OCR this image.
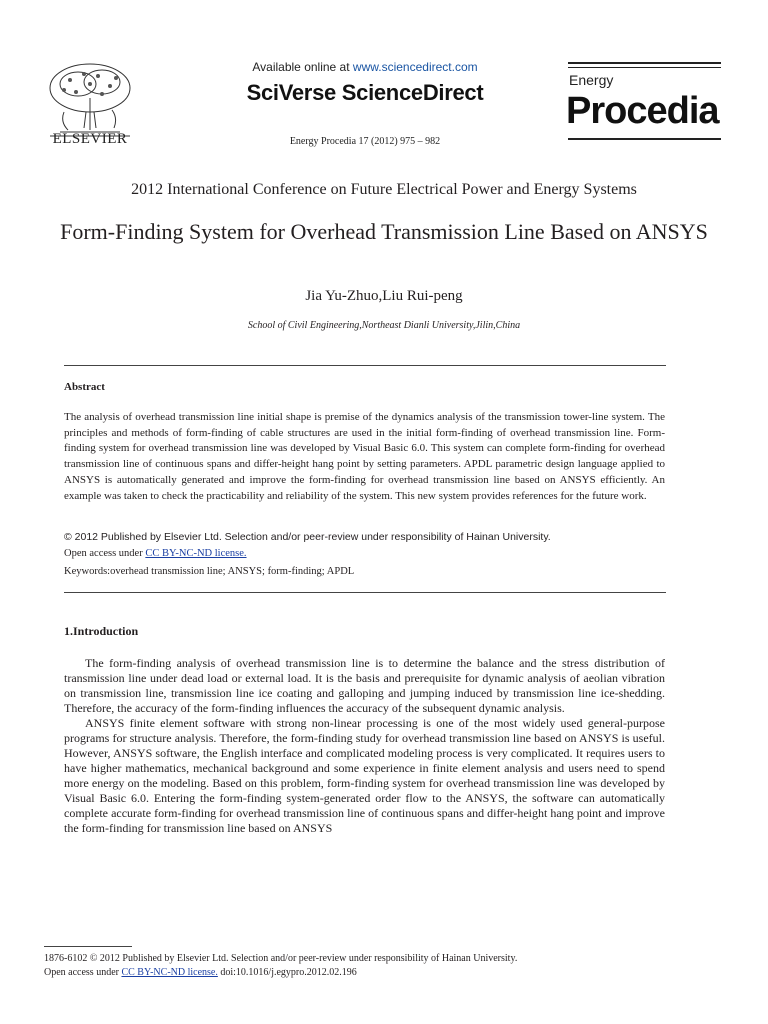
ELSEVIER
Available online at www.sciencedirect.com
SciVerse ScienceDirect
Energy Procedia 17 (2012) 975 – 982
Energy
Procedia
2012 International Conference on Future Electrical Power and Energy Systems
Form-Finding System for Overhead Transmission Line Based on ANSYS
Jia Yu-Zhuo,Liu Rui-peng
School of Civil Engineering,Northeast Dianli University,Jilin,China
Abstract
The analysis of overhead transmission line initial shape is premise of the dynamics analysis of the transmission tower-line system. The principles and methods of form-finding of cable structures are used in the initial form-finding of overhead transmission line. Form-finding system for overhead transmission line was developed by Visual Basic 6.0. This system can complete form-finding for overhead transmission line of continuous spans and differ-height hang point by setting parameters. APDL parametric design language applied to ANSYS is automatically generated and improve the form-finding for overhead transmission line based on ANSYS efficiently. An example was taken to check the practicability and reliability of the system. This new system provides references for the future work.
© 2012 Published by Elsevier Ltd. Selection and/or peer-review under responsibility of Hainan University.
Open access under CC BY-NC-ND license.
Keywords:overhead transmission line; ANSYS; form-finding; APDL
1.Introduction

The form-finding analysis of overhead transmission line is to determine the balance and the stress distribution of transmission line under dead load or external load. It is the basis and prerequisite for dynamic analysis of aeolian vibration on transmission line, transmission line ice coating and galloping and jumping induced by transmission line ice-shedding. Therefore, the accuracy of the form-finding influences the accuracy of the subsequent dynamic analysis.

ANSYS finite element software with strong non-linear processing is one of the most widely used general-purpose programs for structure analysis. Therefore, the form-finding study for overhead transmission line based on ANSYS is useful. However, ANSYS software, the English interface and complicated modeling process is very complicated. It requires users to have higher mathematics, mechanical background and some experience in finite element analysis and users need to spend more energy on the modeling. Based on this problem, form-finding system for overhead transmission line was developed by Visual Basic 6.0. Entering the form-finding system-generated order flow to the ANSYS, the software can automatically complete accurate form-finding for overhead transmission line of continuous spans and differ-height hang point and improve the form-finding for transmission line based on ANSYS

1876-6102 © 2012 Published by Elsevier Ltd. Selection and/or peer-review under responsibility of Hainan University.
Open access under CC BY-NC-ND license. doi:10.1016/j.egypro.2012.02.196
